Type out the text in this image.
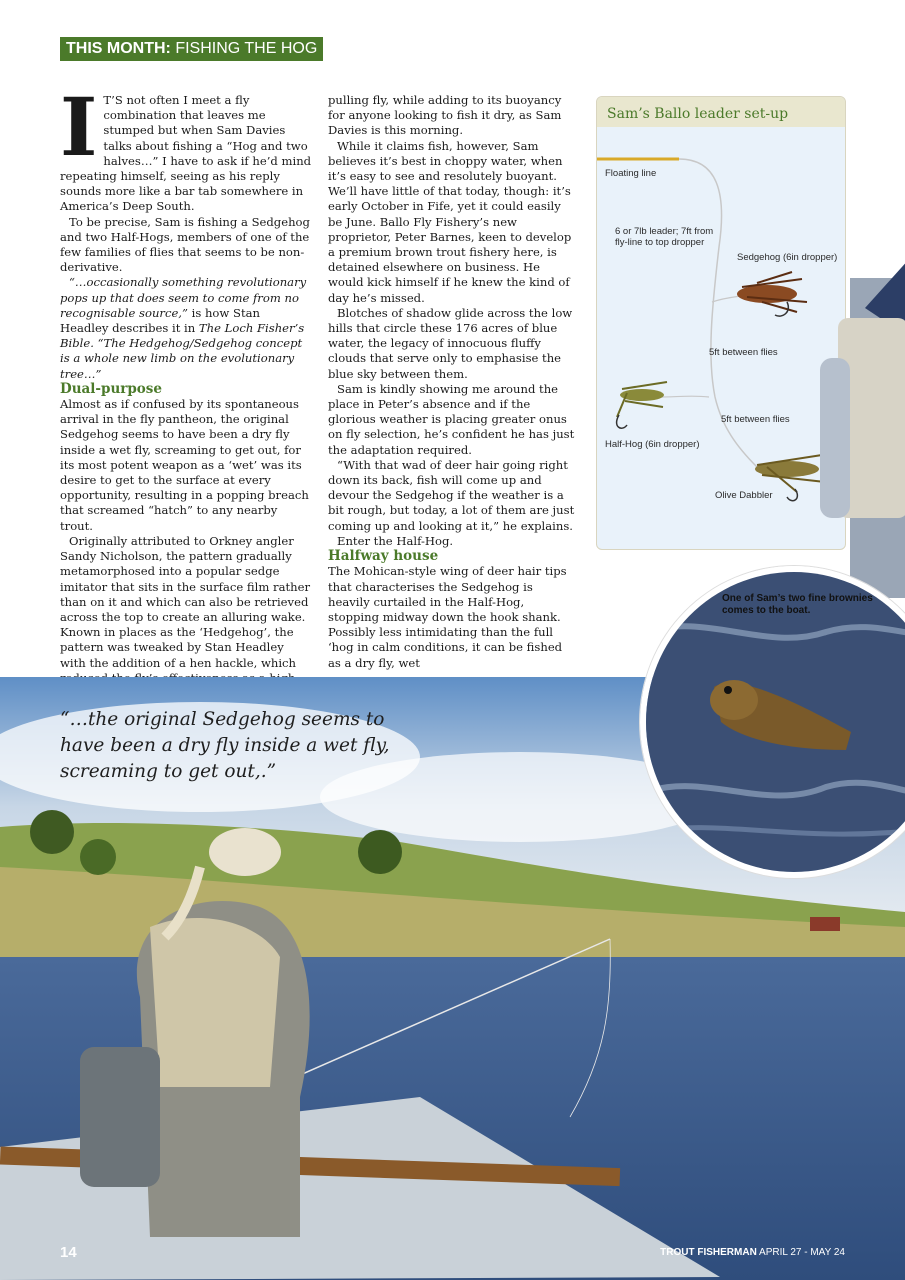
THIS MONTH: FISHING THE HOG

I T’S not often I meet a fly combination that leaves me stumped but when Sam Davies talks about fishing a “Hog and two halves…” I have to ask if he’d mind repeating himself, seeing as his reply sounds more like a bar tab somewhere in America’s Deep South.

To be precise, Sam is fishing a Sedgehog and two Half-Hogs, members of one of the few families of flies that seems to be non-derivative.

“…occasionally something revolutionary pops up that does seem to come from no recognisable source,” is how Stan Headley describes it in The Loch Fisher’s Bible. “The Hedgehog/Sedgehog concept is a whole new limb on the evolutionary tree…”

Dual-purpose

Almost as if confused by its spontaneous arrival in the fly pantheon, the original Sedgehog seems to have been a dry fly inside a wet fly, screaming to get out, for its most potent weapon as a ‘wet’ was its desire to get to the surface at every opportunity, resulting in a popping breach that screamed “hatch” to any nearby trout.

Originally attributed to Orkney angler Sandy Nicholson, the pattern gradually metamorphosed into a popular sedge imitator that sits in the surface film rather than on it and which can also be retrieved across the top to create an alluring wake. Known in places as the ‘Hedgehog’, the pattern was tweaked by Stan Headley with the addition of a hen hackle, which

pulling fly, while adding to its buoyancy for anyone looking to fish it dry, as Sam Davies is this morning.

While it claims fish, however, Sam believes it’s best in choppy water, when it’s easy to see and resolutely buoyant. We’ll have little of that today, though: it’s early October in Fife, yet it could easily be June. Ballo Fly Fishery’s new proprietor, Peter Barnes, keen to develop a premium brown trout fishery here, is detained elsewhere on business. He would kick himself if he knew the kind of day he’s missed.

Blotches of shadow glide across the low hills that circle these 176 acres of blue water, the legacy of innocuous fluffy clouds that serve only to emphasise the blue sky between them.

Sam is kindly showing me around the place in Peter’s absence and if the glorious weather is placing greater onus on fly selection, he’s confident he has just the adaptation required.

“With that wad of deer hair going right down its back, fish will come up and devour the Sedgehog if the weather is a bit rough, but today, a lot of them are just coming up and looking at it,” he explains.

Enter the Half-Hog.

Halfway house

The Mohican-style wing of deer hair tips that characterises the Sedgehog is heavily curtailed in the Half-Hog, stopping midway down the hook shank. Possibly less intimidating than the full ‘hog in calm conditions, it can be fished as a dry fly, wet

Sam’s Ballo leader set-up
Floating line
6 or 7lb leader; 7ft from fly-line to top dropper
Sedgehog (6in dropper)
5ft between flies
Half-Hog (6in dropper)
5ft between flies
Olive Dabbler
“…the original Sedgehog seems to have been a dry fly inside a wet fly, screaming to get out,.”
One of Sam’s two fine brownies comes to the boat.
14	TROUT FISHERMAN APRIL 27 - MAY 24
